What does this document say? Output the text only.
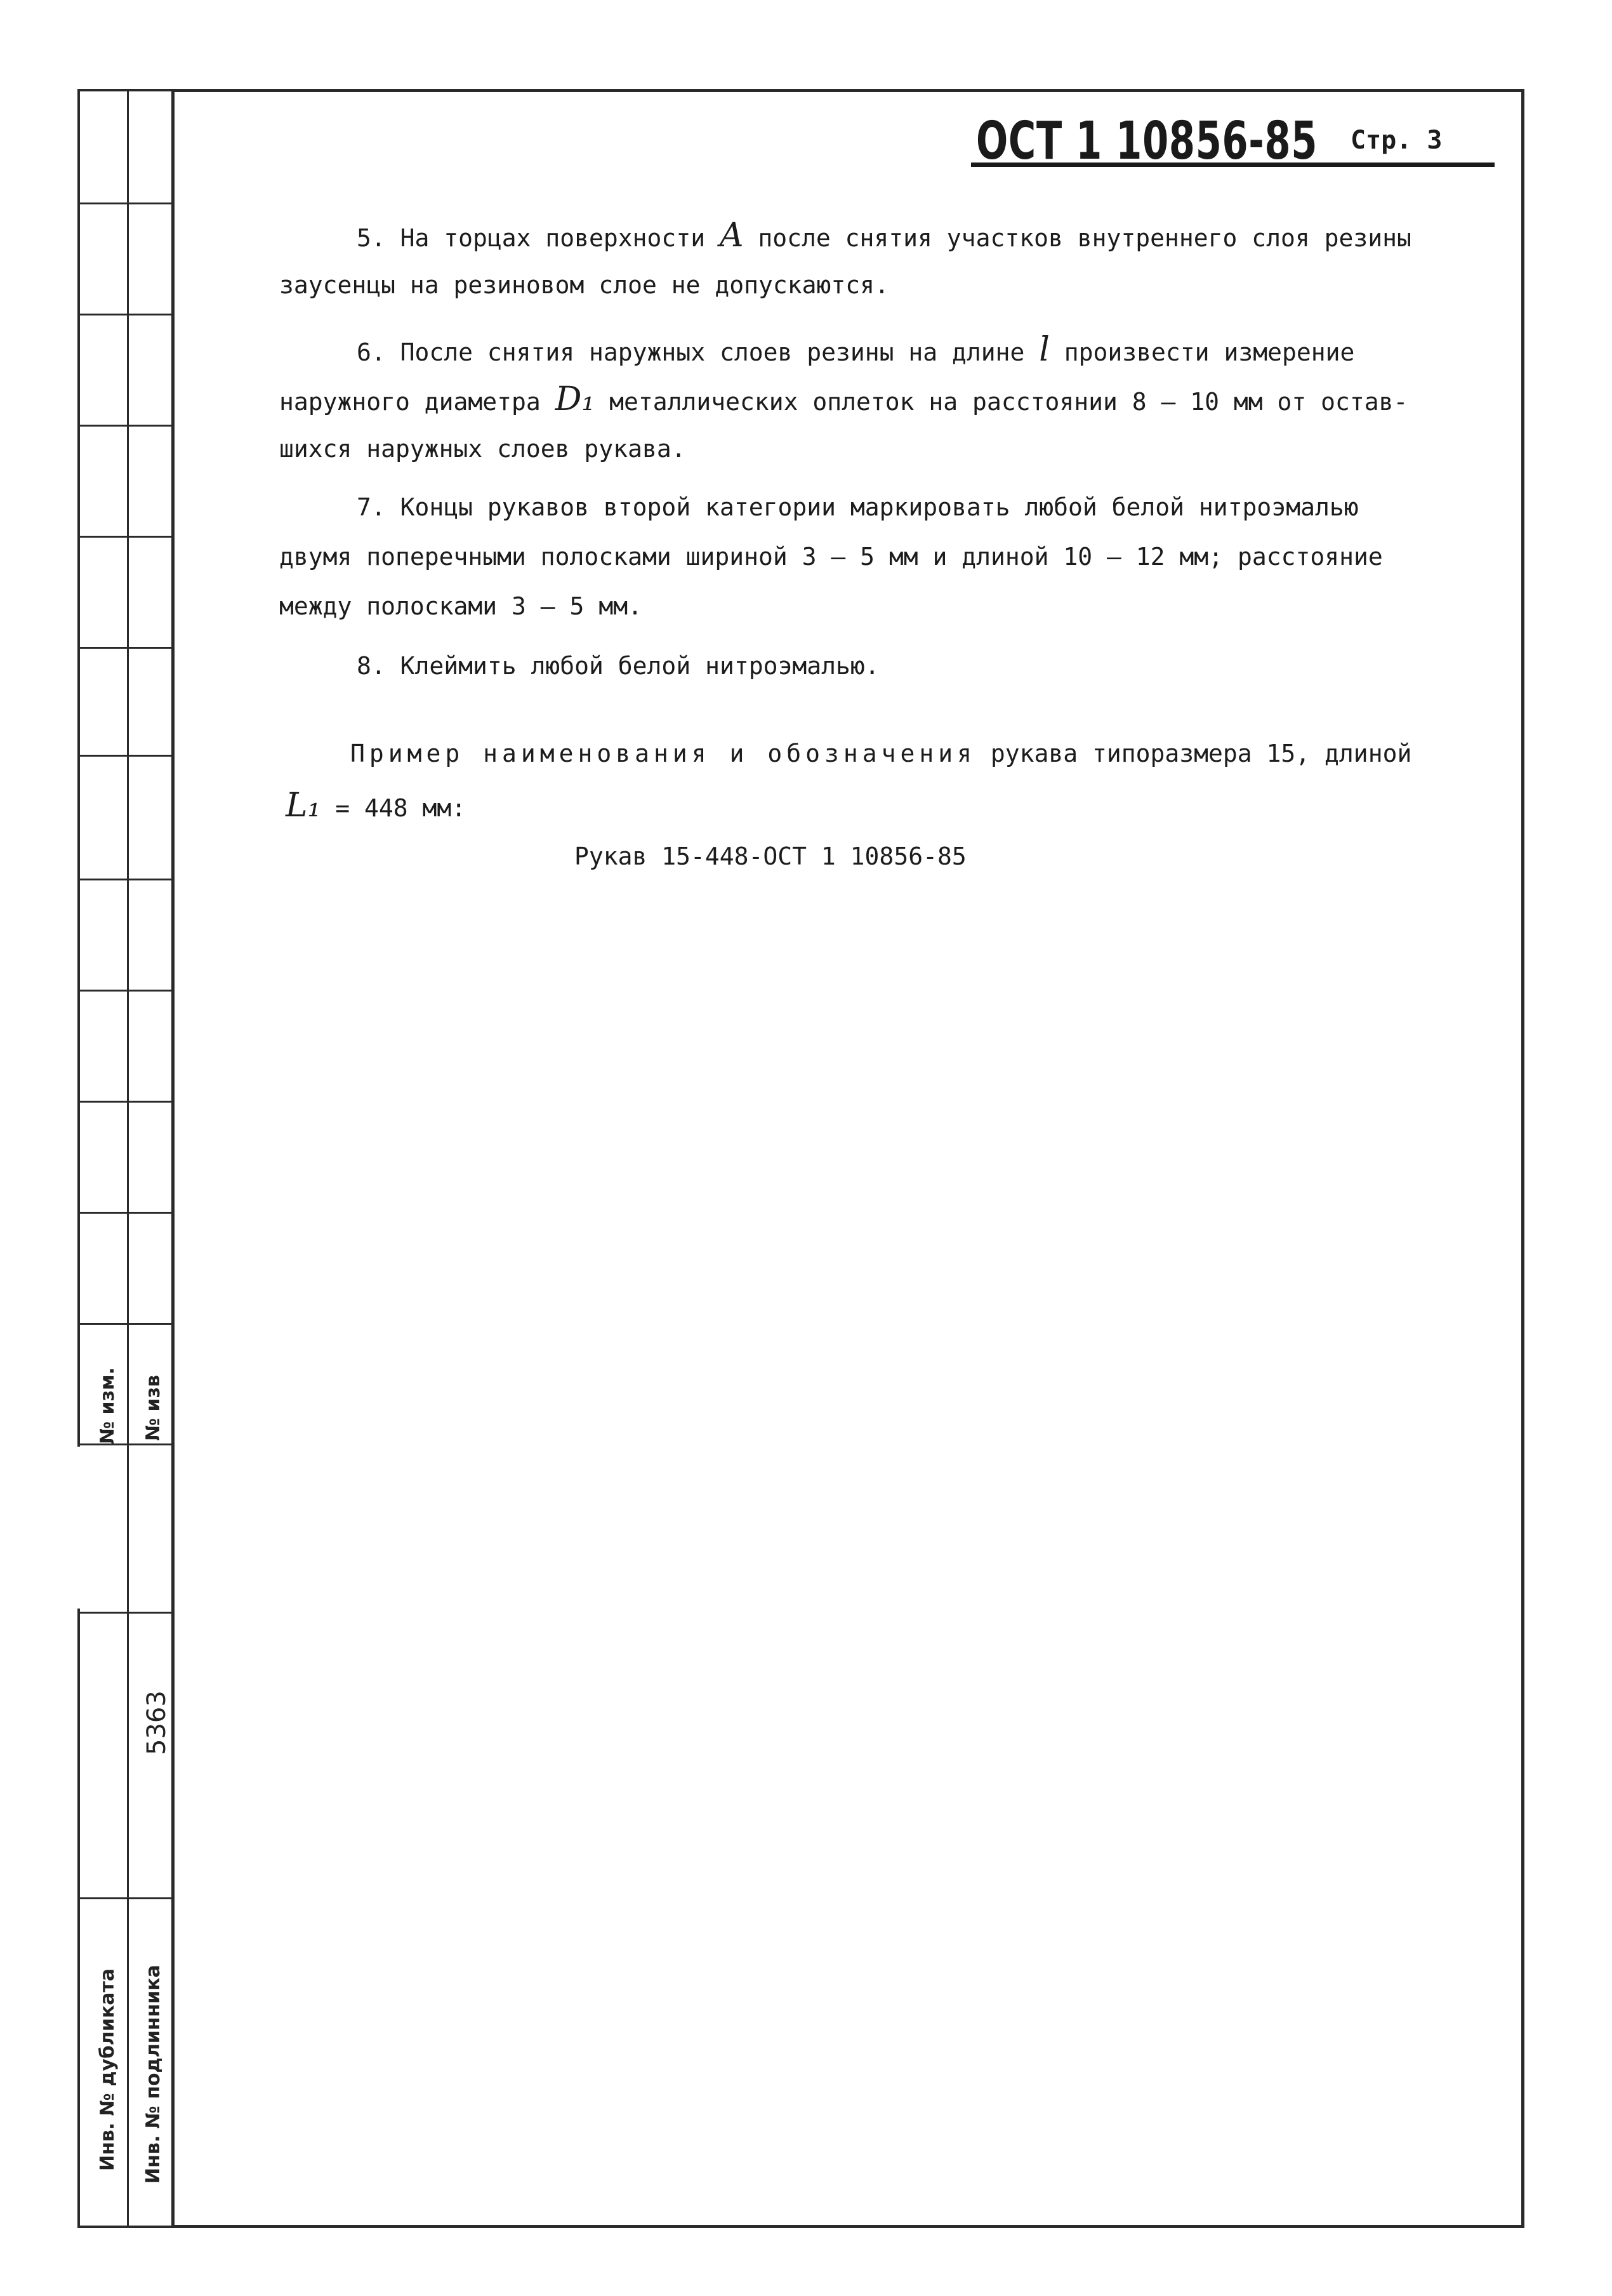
№ изм. № изв
Инв. № дубликата Инв. № подлинника
5363
ОСТ 1 10856-85 Стр. 3
5. На торцах поверхности A после снятия участков внутреннего слоя резины
заусенцы на резиновом слое не допускаются.
6. После снятия наружных слоев резины на длине l произвести измерение
наружного диаметра D₁ металлических оплеток на расстоянии 8 – 10 мм от остав-
шихся наружных слоев рукава.
7. Концы рукавов второй категории маркировать любой белой нитроэмалью
двумя поперечными полосками шириной 3 – 5 мм и длиной 10 – 12 мм; расстояние
между полосками 3 – 5 мм.
8. Клеймить любой белой нитроэмалью.
Пример наименования и обозначения рукава типоразмера 15, длиной
L₁ = 448 мм:
Рукав 15-448-ОСТ 1 10856-85
